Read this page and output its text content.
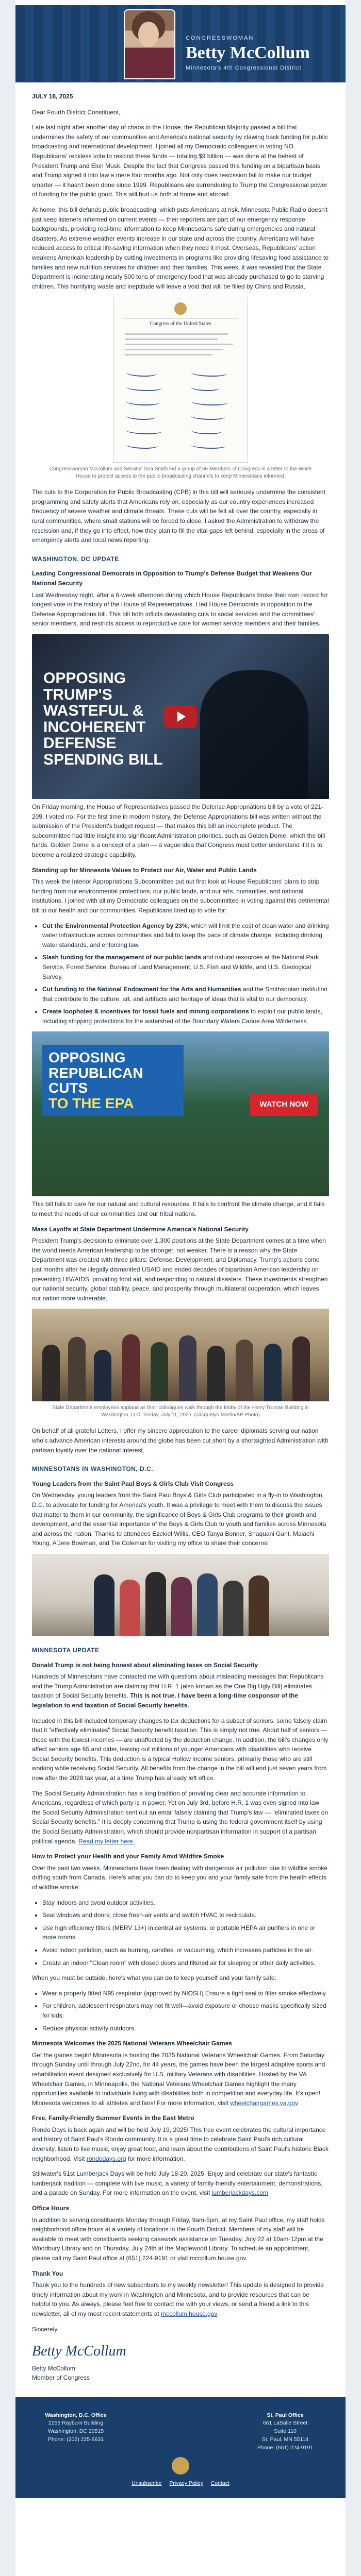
CONGRESSWOMAN
Betty McCollum
Minnesota's 4th Congressional District
JULY 18, 2025

Dear Fourth District Constituent,

Late last night after another day of chaos in the House, the Republican Majority passed a bill that undermines the safety of our communities and America's national security by clawing back funding for public broadcasting and international development. I joined all my Democratic colleagues in voting NO. Republicans' reckless vote to rescind these funds — totaling $9 billion — was done at the behest of President Trump and Elon Musk. Despite the fact that Congress passed this funding on a bipartisan basis and Trump signed it into law a mere four months ago. Not only does rescission fail to make our budget smarter — it hasn't been done since 1999. Republicans are surrendering to Trump the Congressional power of funding for the public good. This will hurt us both at home and abroad.

At home, this bill defunds public broadcasting, which puts Americans at risk. Minnesota Public Radio doesn't just keep listeners informed on current events — their reporters are part of our emergency response backgrounds, providing real-time information to keep Minnesotans safe during emergencies and natural disasters. As extreme weather events increase in our state and across the country, Americans will have reduced access to critical life-saving information when they need it most. Overseas, Republicans' action weakens American leadership by cutting investments in programs like providing lifesaving food assistance to families and new nutrition services for children and their families. This week, it was revealed that the State Department is incinerating nearly 500 tons of emergency food that was already purchased to go to starving children. This horrifying waste and ineptitude will leave a void that will be filled by China and Russia.

Congress of the United States
Congresswoman McCollum and Senator Tina Smith led a group of 66 Members of Congress in a letter to the White House to protect access to the public broadcasting channels to keep Minnesotans informed.

The cuts to the Corporation for Public Broadcasting (CPB) in this bill will seriously undermine the consistent programming and safety alerts that Americans rely on, especially as our country experiences increased frequency of severe weather and climate threats. These cuts will be felt all over the country, especially in rural communities, where small stations will be forced to close. I asked the Administration to withdraw the rescission and, if they go into effect, how they plan to fill the vital gaps left behind, especially in the areas of emergency alerts and local news reporting.

WASHINGTON, DC UPDATE
Leading Congressional Democrats in Opposition to Trump's Defense Budget that Weakens Our National Security

Last Wednesday night, after a 6-week afternoon during which House Republicans broke their own record for longest vote in the history of the House of Representatives, I led House Democrats in opposition to the Defense Appropriations bill. This bill both inflicts devastating cuts to social services and the committees' senior members, and restricts access to reproductive care for women service members and their families.

OPPOSING TRUMP'S WASTEFUL & INCOHERENT DEFENSE SPENDING BILL

On Friday morning, the House of Representatives passed the Defense Appropriations bill by a vote of 221-209. I voted no. For the first time in modern history, the Defense Appropriations bill was written without the submission of the President's budget request — that makes this bill an incomplete product. The subcommittee had little insight into significant Administration priorities, such as Golden Dome, which the bill funds. Golden Dome is a concept of a plan — a vague idea that Congress must better understand if it is to become a realized strategic capability.

Standing up for Minnesota Values to Protect our Air, Water and Public Lands

This week the Interior Appropriations Subcommittee put out first look at House Republicans' plans to strip funding from our environmental protections, our public lands, and our arts, humanities, and national institutions. I joined with all my Democratic colleagues on the subcommittee in voting against this detrimental bill to our health and our communities. Republicans lined up to vote for:

• Cut the Environmental Protection Agency by 23%, which will limit the cost of clean water and drinking water infrastructure across communities and fail to keep the pace of climate change, including drinking water standards, and enforcing law.
• Slash funding for the management of our public lands and natural resources at the National Park Service, Forest Service, Bureau of Land Management, U.S. Fish and Wildlife, and U.S. Geological Survey.
• Cut funding to the National Endowment for the Arts and Humanities and the Smithsonian Institution that contribute to the culture, art, and artifacts and heritage of ideas that is vital to our democracy.
• Create loopholes & incentives for fossil fuels and mining corporations to exploit our public lands, including stripping protections for the watershed of the Boundary Waters Canoe Area Wilderness.
OPPOSING
REPUBLICAN CUTS
TO THE EPA	WATCH NOW

This bill fails to care for our natural and cultural resources. It fails to confront the climate change, and it fails to meet the needs of our communities and our tribal nations.

Mass Layoffs at State Department Undermine America's National Security

President Trump's decision to eliminate over 1,300 positions at the State Department comes at a time when the world needs American leadership to be stronger, not weaker. There is a reason why the State Department was created with three pillars: Defense, Development, and Diplomacy. Trump's actions come just months after he illegally dismantled USAID and ended decades of bipartisan American leadership on preventing HIV/AIDS, providing food aid, and responding to natural disasters. These investments strengthen our national security, global stability, peace, and prosperity through multilateral cooperation, which leaves our nation more vulnerable.

State Department employees applaud as their colleagues walk through the lobby of the Harry Truman Building in Washington, D.C., Friday, July 11, 2025. (Jacquelyn Martin/AP Photo)

On behalf of all grateful Letters, I offer my sincere appreciation to the career diplomats serving our nation who's advance American interests around the globe has been cut short by a shortsighted Administration with partisan loyalty over the national interest.

MINNESOTANS IN WASHINGTON, D.C.
Young Leaders from the Saint Paul Boys & Girls Club Visit Congress

On Wednesday, young leaders from the Saint Paul Boys & Girls Club participated in a fly-in to Washington, D.C. to advocate for funding for America's youth. It was a privilege to meet with them to discuss the issues that matter to them in our community, the significance of Boys & Girls Club programs to their growth and development, and the essential importance of the Boys & Girls Club to youth and families across Minnesota and across the nation. Thanks to attendees Ezekiel Willis, CEO Tanya Bonner, Shaquani Gant, Malachi Young, A'Jere Bowman, and Tre Coleman for visiting my office to share their concerns!

MINNESOTA UPDATE
Donald Trump is not being honest about eliminating taxes on Social Security

Hundreds of Minnesotans have contacted me with questions about misleading messages that Republicans and the Trump Administration are claiming that H.R. 1 (also known as the One Big Ugly Bill) eliminates taxation of Social Security benefits. This is not true. I have been a long-time cosponsor of the legislation to end taxation of Social Security benefits.

Included in this bill included temporary changes to tax deductions for a subset of seniors, some falsely claim that it "effectively eliminates" Social Security benefit taxation. This is simply not true. About half of seniors — those with the lowest incomes — are unaffected by the deduction change. In addition, the bill's changes only affect seniors age 65 and older, leaving out millions of younger Americans with disabilities who receive Social Security benefits. This deduction is a typical Hollow income seniors, primarily those who are still working while receiving Social Security. All benefits from the change in the bill will end just seven years from now after the 2028 tax year, at a time Trump has already left office.

The Social Security Administration has a long tradition of providing clear and accurate information to Americans, regardless of which party is in power. Yet on July 3rd, before H.R. 1 was even signed into law the Social Security Administration sent out an email falsely claiming that Trump's law — "eliminated taxes on Social Security benefits." It is deeply concerning that Trump is using the federal government itself by using the Social Security Administration, which should provide nonpartisan information in support of a partisan political agenda. Read my letter here.

How to Protect your Health and your Family Amid Wildfire Smoke

Over the past two weeks, Minnesotans have been dealing with dangerous air pollution due to wildfire smoke drifting south from Canada. Here's what you can do to keep you and your family safe from the health effects of wildfire smoke:

• Stay indoors and avoid outdoor activities.
• Seal windows and doors; close fresh-air vents and switch HVAC to recirculate.
• Use high efficiency filters (MERV 13+) in central air systems, or portable HEPA air purifiers in one or more rooms.
• Avoid indoor pollution, such as burning, candles, or vacuuming, which increases particles in the air.
• Create an indoor "Clean room" with closed doors and filtered air for sleeping or other daily activities.

When you must be outside, here's what you can do to keep yourself and your family safe:

• Wear a properly fitted N95 respirator (approved by NIOSH) Ensure a tight seal to filter smoke effectively.
• For children, adolescent respirators may not fit well—avoid exposure or choose masks specifically sized for kids.
• Reduce physical activity outdoors.
Minnesota Welcomes the 2025 National Veterans Wheelchair Games

Get the games begin! Minnesota is hosting the 2025 National Veterans Wheelchair Games. From Saturday through Sunday until through July 22nd, for 44 years, the games have been the largest adaptive sports and rehabilitation event designed exclusively for U.S. military Veterans with disabilities. Hosted by the VA Wheelchair Games, in Minneapolis, the National Veterans Wheelchair Games highlight the many opportunities available to individuals living with disabilities both in competition and everyday life. It's open! Minnesota welcomes to all athletes and fans! For more information, visit wheelchairgames.va.gov

Free, Family-Friendly Summer Events in the East Metro

Rondo Days is back again and will be held July 19, 2025! This free event celebrates the cultural importance and history of Saint Paul's Rondo community. It is a great time to celebrate Saint Paul's rich cultural diversity, listen to live music, enjoy great food, and learn about the contributions of Saint Paul's historic Black neighborhood. Visit rondodays.org for more information.

Stillwater's 51st Lumberjack Days will be held July 18-20, 2025. Enjoy and celebrate our state's fantastic lumberjack tradition — complete with live music, a variety of family-friendly entertainment, demonstrations, and a parade on Sunday. For more information on the event, visit lumberjackdays.com

Office Hours

In addition to serving constituents Monday through Friday, 9am-5pm, at my Saint Paul office, my staff holds neighborhood office hours at a variety of locations in the Fourth District. Members of my staff will be available to meet with constituents seeking casework assistance on Tuesday, July 22 at 10am-12pm at the Woodbury Library and on Thursday, July 24th at the Maplewood Library. To schedule an appointment, please call my Saint Paul office at (651) 224-9191 or visit mccollum.house.gov.

Thank You

Thank you to the hundreds of new subscribers to my weekly newsletter! This update is designed to provide timely information about my work in Washington and Minnesota, and to provide resources that can be helpful to you. As always, please feel free to contact me with your views, or send a friend a link to this newsletter, all of my most recent statements at mccollum.house.gov

Sincerely,

Betty McCollum
Betty McCollum
Member of Congress
Washington, D.C. Office
2256 Rayburn Building
Washington, DC 20515
Phone: (202) 225-6631
St. Paul Office
661 LaSalle Street
Suite 110
St. Paul, MN 55114
Phone: (651) 224-9191
Unsubscribe Privacy Policy Contact
